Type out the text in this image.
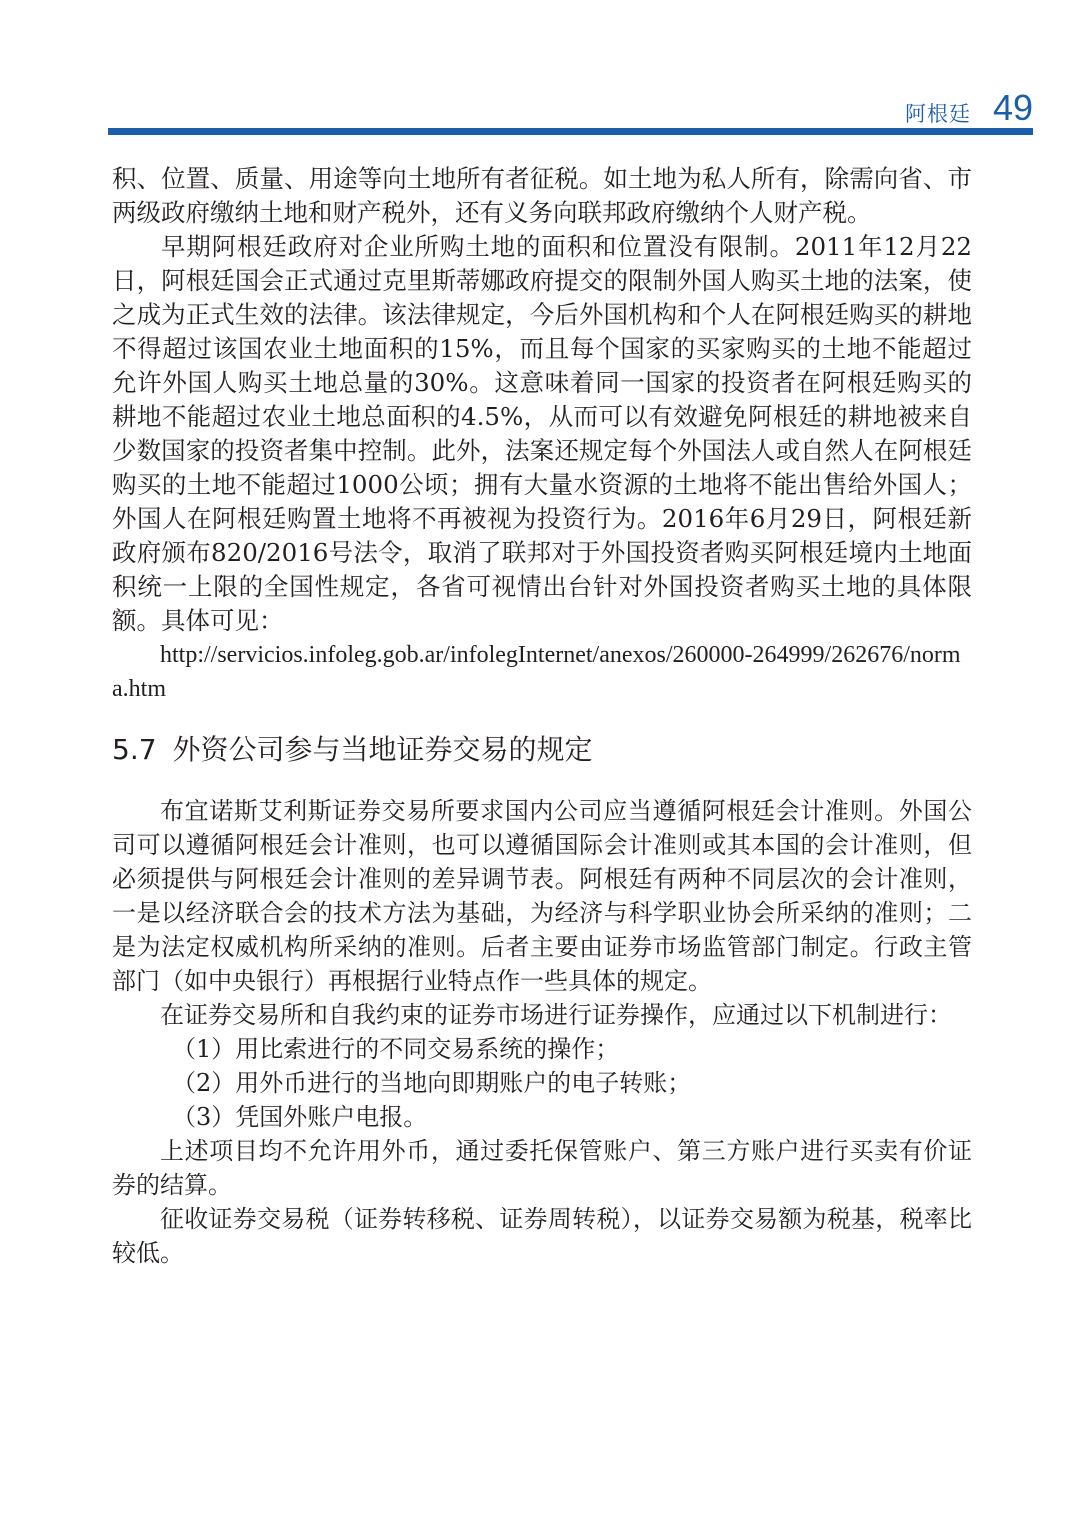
阿根廷 49

积、位置、质量、用途等向土地所有者征税。如土地为私人所有，除需向省、市两级政府缴纳土地和财产税外，还有义务向联邦政府缴纳个人财产税。

早期阿根廷政府对企业所购土地的面积和位置没有限制。2011年12月22日，阿根廷国会正式通过克里斯蒂娜政府提交的限制外国人购买土地的法案，使之成为正式生效的法律。该法律规定，今后外国机构和个人在阿根廷购买的耕地不得超过该国农业土地面积的15%，而且每个国家的买家购买的土地不能超过允许外国人购买土地总量的30%。这意味着同一国家的投资者在阿根廷购买的耕地不能超过农业土地总面积的4.5%，从而可以有效避免阿根廷的耕地被来自少数国家的投资者集中控制。此外，法案还规定每个外国法人或自然人在阿根廷购买的土地不能超过1000公顷；拥有大量水资源的土地将不能出售给外国人；外国人在阿根廷购置土地将不再被视为投资行为。2016年6月29日，阿根廷新政府颁布820/2016号法令，取消了联邦对于外国投资者购买阿根廷境内土地面积统一上限的全国性规定，各省可视情出台针对外国投资者购买土地的具体限额。具体可见：

http://servicios.infoleg.gob.ar/infolegInternet/anexos/260000-264999/262676/norma.htm

5.7 外资公司参与当地证券交易的规定

布宜诺斯艾利斯证券交易所要求国内公司应当遵循阿根廷会计准则。外国公司可以遵循阿根廷会计准则，也可以遵循国际会计准则或其本国的会计准则，但必须提供与阿根廷会计准则的差异调节表。阿根廷有两种不同层次的会计准则，一是以经济联合会的技术方法为基础，为经济与科学职业协会所采纳的准则；二是为法定权威机构所采纳的准则。后者主要由证券市场监管部门制定。行政主管部门（如中央银行）再根据行业特点作一些具体的规定。

在证券交易所和自我约束的证券市场进行证券操作，应通过以下机制进行：

（1）用比索进行的不同交易系统的操作；

（2）用外币进行的当地向即期账户的电子转账；

（3）凭国外账户电报。

上述项目均不允许用外币，通过委托保管账户、第三方账户进行买卖有价证券的结算。

征收证券交易税（证券转移税、证券周转税），以证券交易额为税基，税率比较低。
